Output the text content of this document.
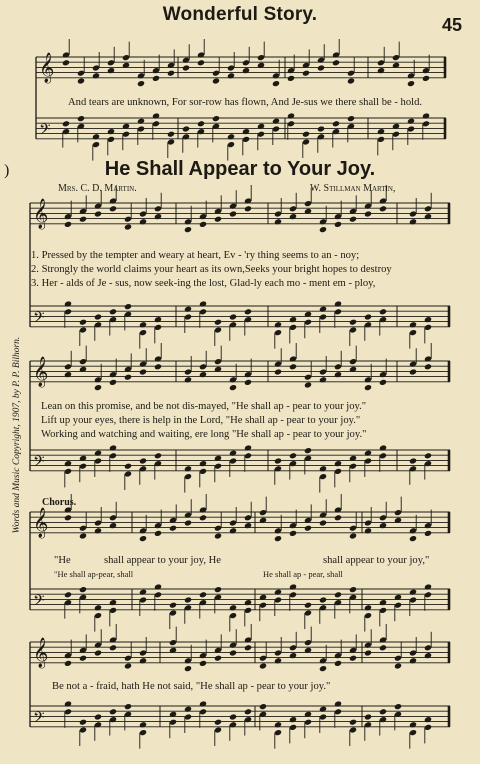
𝄞
𝄢
𝄞
𝄢
𝄞
𝄢
𝄞
𝄢
𝄞
𝄢
Wonderful Story.	45
And tears are unknown, For sor-row has flown, And Je-sus we there shall be - hold.
)	He Shall Appear to Your Joy.
Mrs. C. D. Martin.	W. Stillman Martin,
1. Pressed by the tempter and weary at heart, Ev - 'ry thing seems to an - noy;
2. Strongly the world claims your heart as its own,Seeks your bright hopes to destroy
3. Her - alds of Je - sus, now seek-ing the lost, Glad-ly each mo - ment em - ploy,
Lean on this promise, and be not dis-mayed, "He shall ap - pear to your joy."
Lift up your eyes, there is help in the Lord, "He shall ap - pear to your joy."
Working and watching and waiting, ere long "He shall ap - pear to your joy."
Chorus.
"He	shall appear to your joy, He	shall appear to your joy,"
"He shall ap-pear, shall	He shall ap - pear, shall
Be not a - fraid, hath He not said, "He shall ap - pear to your joy."
Words and Music Copyright, 1907, by P. P. Bilhorn.
